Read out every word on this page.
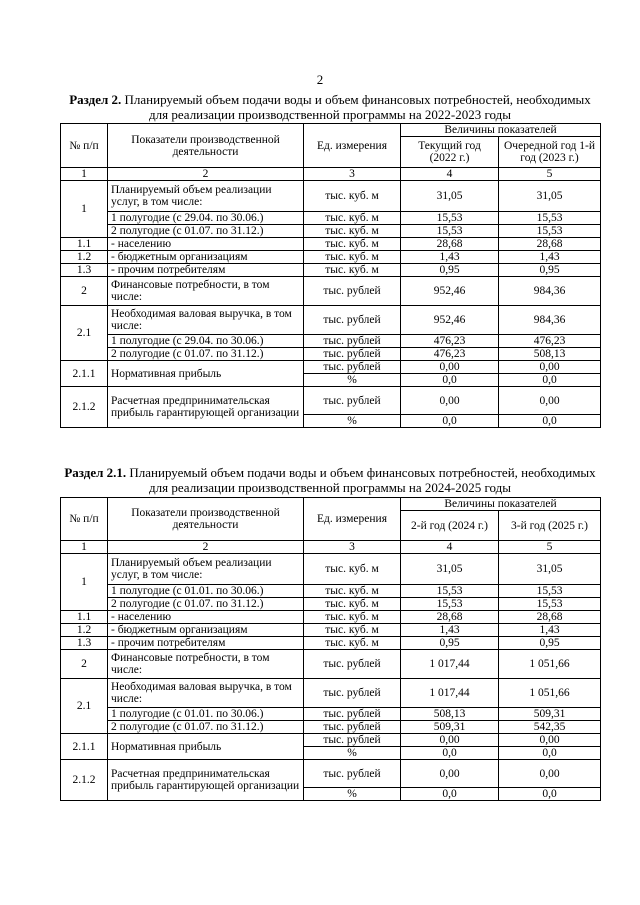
2
Раздел 2. Планируемый объем подачи воды и объем финансовых потребностей, необходимых для реализации производственной программы на 2022-2023 годы
№ п/п	Показатели производственной деятельности	Ед. измерения	Величины показателей	
			Текущий год (2022 г.)	Очередной год 1-й год (2023 г.)
1	2	3	4	5
1	Планируемый объем реализации услуг, в том числе:	тыс. куб. м	31,05	31,05
	1 полугодие (с 29.04. по 30.06.)	тыс. куб. м	15,53	15,53
	2 полугодие (с 01.07. по 31.12.)	тыс. куб. м	15,53	15,53
1.1	- населению	тыс. куб. м	28,68	28,68
1.2	- бюджетным организациям	тыс. куб. м	1,43	1,43
1.3	- прочим потребителям	тыс. куб. м	0,95	0,95
2	Финансовые потребности, в том числе:	тыс. рублей	952,46	984,36
2.1	Необходимая валовая выручка, в том числе:	тыс. рублей	952,46	984,36
	1 полугодие (с 29.04. по 30.06.)	тыс. рублей	476,23	476,23
	2 полугодие (с 01.07. по 31.12.)	тыс. рублей	476,23	508,13
2.1.1	Нормативная прибыль	тыс. рублей	0,00	0,00
		%	0,0	0,0
2.1.2	Расчетная предпринимательская прибыль гарантирующей организации	тыс. рублей	0,00	0,00
		%	0,0	0,0
Раздел 2.1. Планируемый объем подачи воды и объем финансовых потребностей, необходимых для реализации производственной программы на 2024-2025 годы
№ п/п	Показатели производственной деятельности	Ед. измерения	Величины показателей	
			2-й год (2024 г.)	3-й год (2025 г.)
1	2	3	4	5
1	Планируемый объем реализации услуг, в том числе:	тыс. куб. м	31,05	31,05
	1 полугодие (с 01.01. по 30.06.)	тыс. куб. м	15,53	15,53
	2 полугодие (с 01.07. по 31.12.)	тыс. куб. м	15,53	15,53
1.1	- населению	тыс. куб. м	28,68	28,68
1.2	- бюджетным организациям	тыс. куб. м	1,43	1,43
1.3	- прочим потребителям	тыс. куб. м	0,95	0,95
2	Финансовые потребности, в том числе:	тыс. рублей	1 017,44	1 051,66
2.1	Необходимая валовая выручка, в том числе:	тыс. рублей	1 017,44	1 051,66
	1 полугодие (с 01.01. по 30.06.)	тыс. рублей	508,13	509,31
	2 полугодие (с 01.07. по 31.12.)	тыс. рублей	509,31	542,35
2.1.1	Нормативная прибыль	тыс. рублей	0,00	0,00
		%	0,0	0,0
2.1.2	Расчетная предпринимательская прибыль гарантирующей организации	тыс. рублей	0,00	0,00
		%	0,0	0,0
